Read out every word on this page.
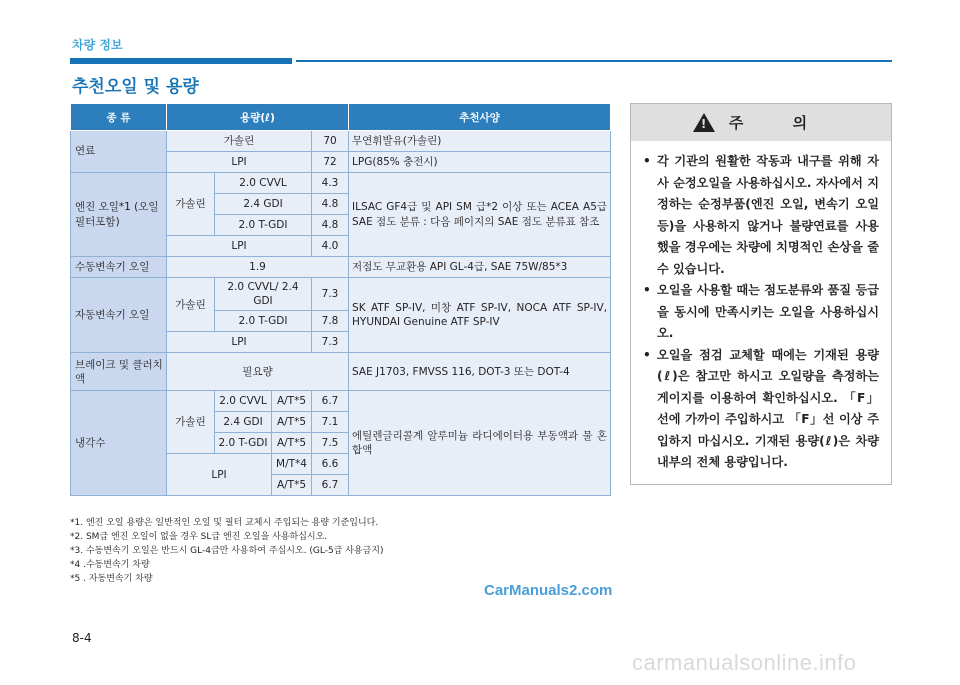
차량 정보
추천오일 및 용량
종 류	용량(ℓ)				추천사양
연료	가솔린			70	무연휘발유(가솔린)
	LPI			72	LPG(85% 충전시)
엔진 오일*1 (오일필터포함)	가솔린	2.0 CVVL		4.3	ILSAC GF4급 및 API SM 급*2 이상 또는 ACEA A5급 SAE 점도 분류 : 다음 페이지의 SAE 점도 분류표 참조
		2.4 GDI		4.8	
		2.0 T-GDI		4.8	
	LPI			4.0	
수동변속기 오일	1.9				저점도 무교환용 API GL-4급, SAE 75W/85*3
자동변속기 오일	가솔린	2.0 CVVL/ 2.4 GDI		7.3	SK ATF SP-IV, 미창 ATF SP-IV, NOCA ATF SP-IV, HYUNDAI Genuine ATF SP-IV
		2.0 T-GDI		7.8	
	LPI			7.3	
브레이크 및 클러치 액	필요량				SAE J1703, FMVSS 116, DOT-3 또는 DOT-4
냉각수	가솔린	2.0 CVVL	A/T*5	6.7	에틸렌글리콜계 알루미늄 라디에이터용 부동액과 물 혼합액
		2.4 GDI	A/T*5	7.1	
		2.0 T-GDI	A/T*5	7.5	
	LPI		M/T*4	6.6	
			A/T*5	6.7	
*1. 엔진 오일 용량은 일반적인 오일 및 필터 교체시 주입되는 용량 기준입니다.
*2. SM급 엔진 오일이 없을 경우 SL급 엔진 오일을 사용하십시오.
*3. 수동변속기 오일은 반드시 GL-4급만 사용하여 주십시오. (GL-5급 사용금지)
*4 .수동변속기 차량
*5 . 자동변속기 차량
!
주 의
• 각 기관의 원활한 작동과 내구를 위해 자사 순정오일을 사용하십시오. 자사에서 지정하는 순정부품(엔진 오일, 변속기 오일 등)을 사용하지 않거나 불량연료를 사용했을 경우에는 차량에 치명적인 손상을 줄 수 있습니다.
• 오일을 사용할 때는 점도분류와 품질 등급을 동시에 만족시키는 오일을 사용하십시오.
• 오일을 점검 교체할 때에는 기재된 용량(ℓ)은 참고만 하시고 오일량을 측정하는 게이지를 이용하여 확인하십시오. 「F」선에 가까이 주입하시고 「F」선 이상 주입하지 마십시오. 기재된 용량(ℓ)은 차량내부의 전체 용량입니다.
CarManuals2.com
8-4
carmanualsonline.info
